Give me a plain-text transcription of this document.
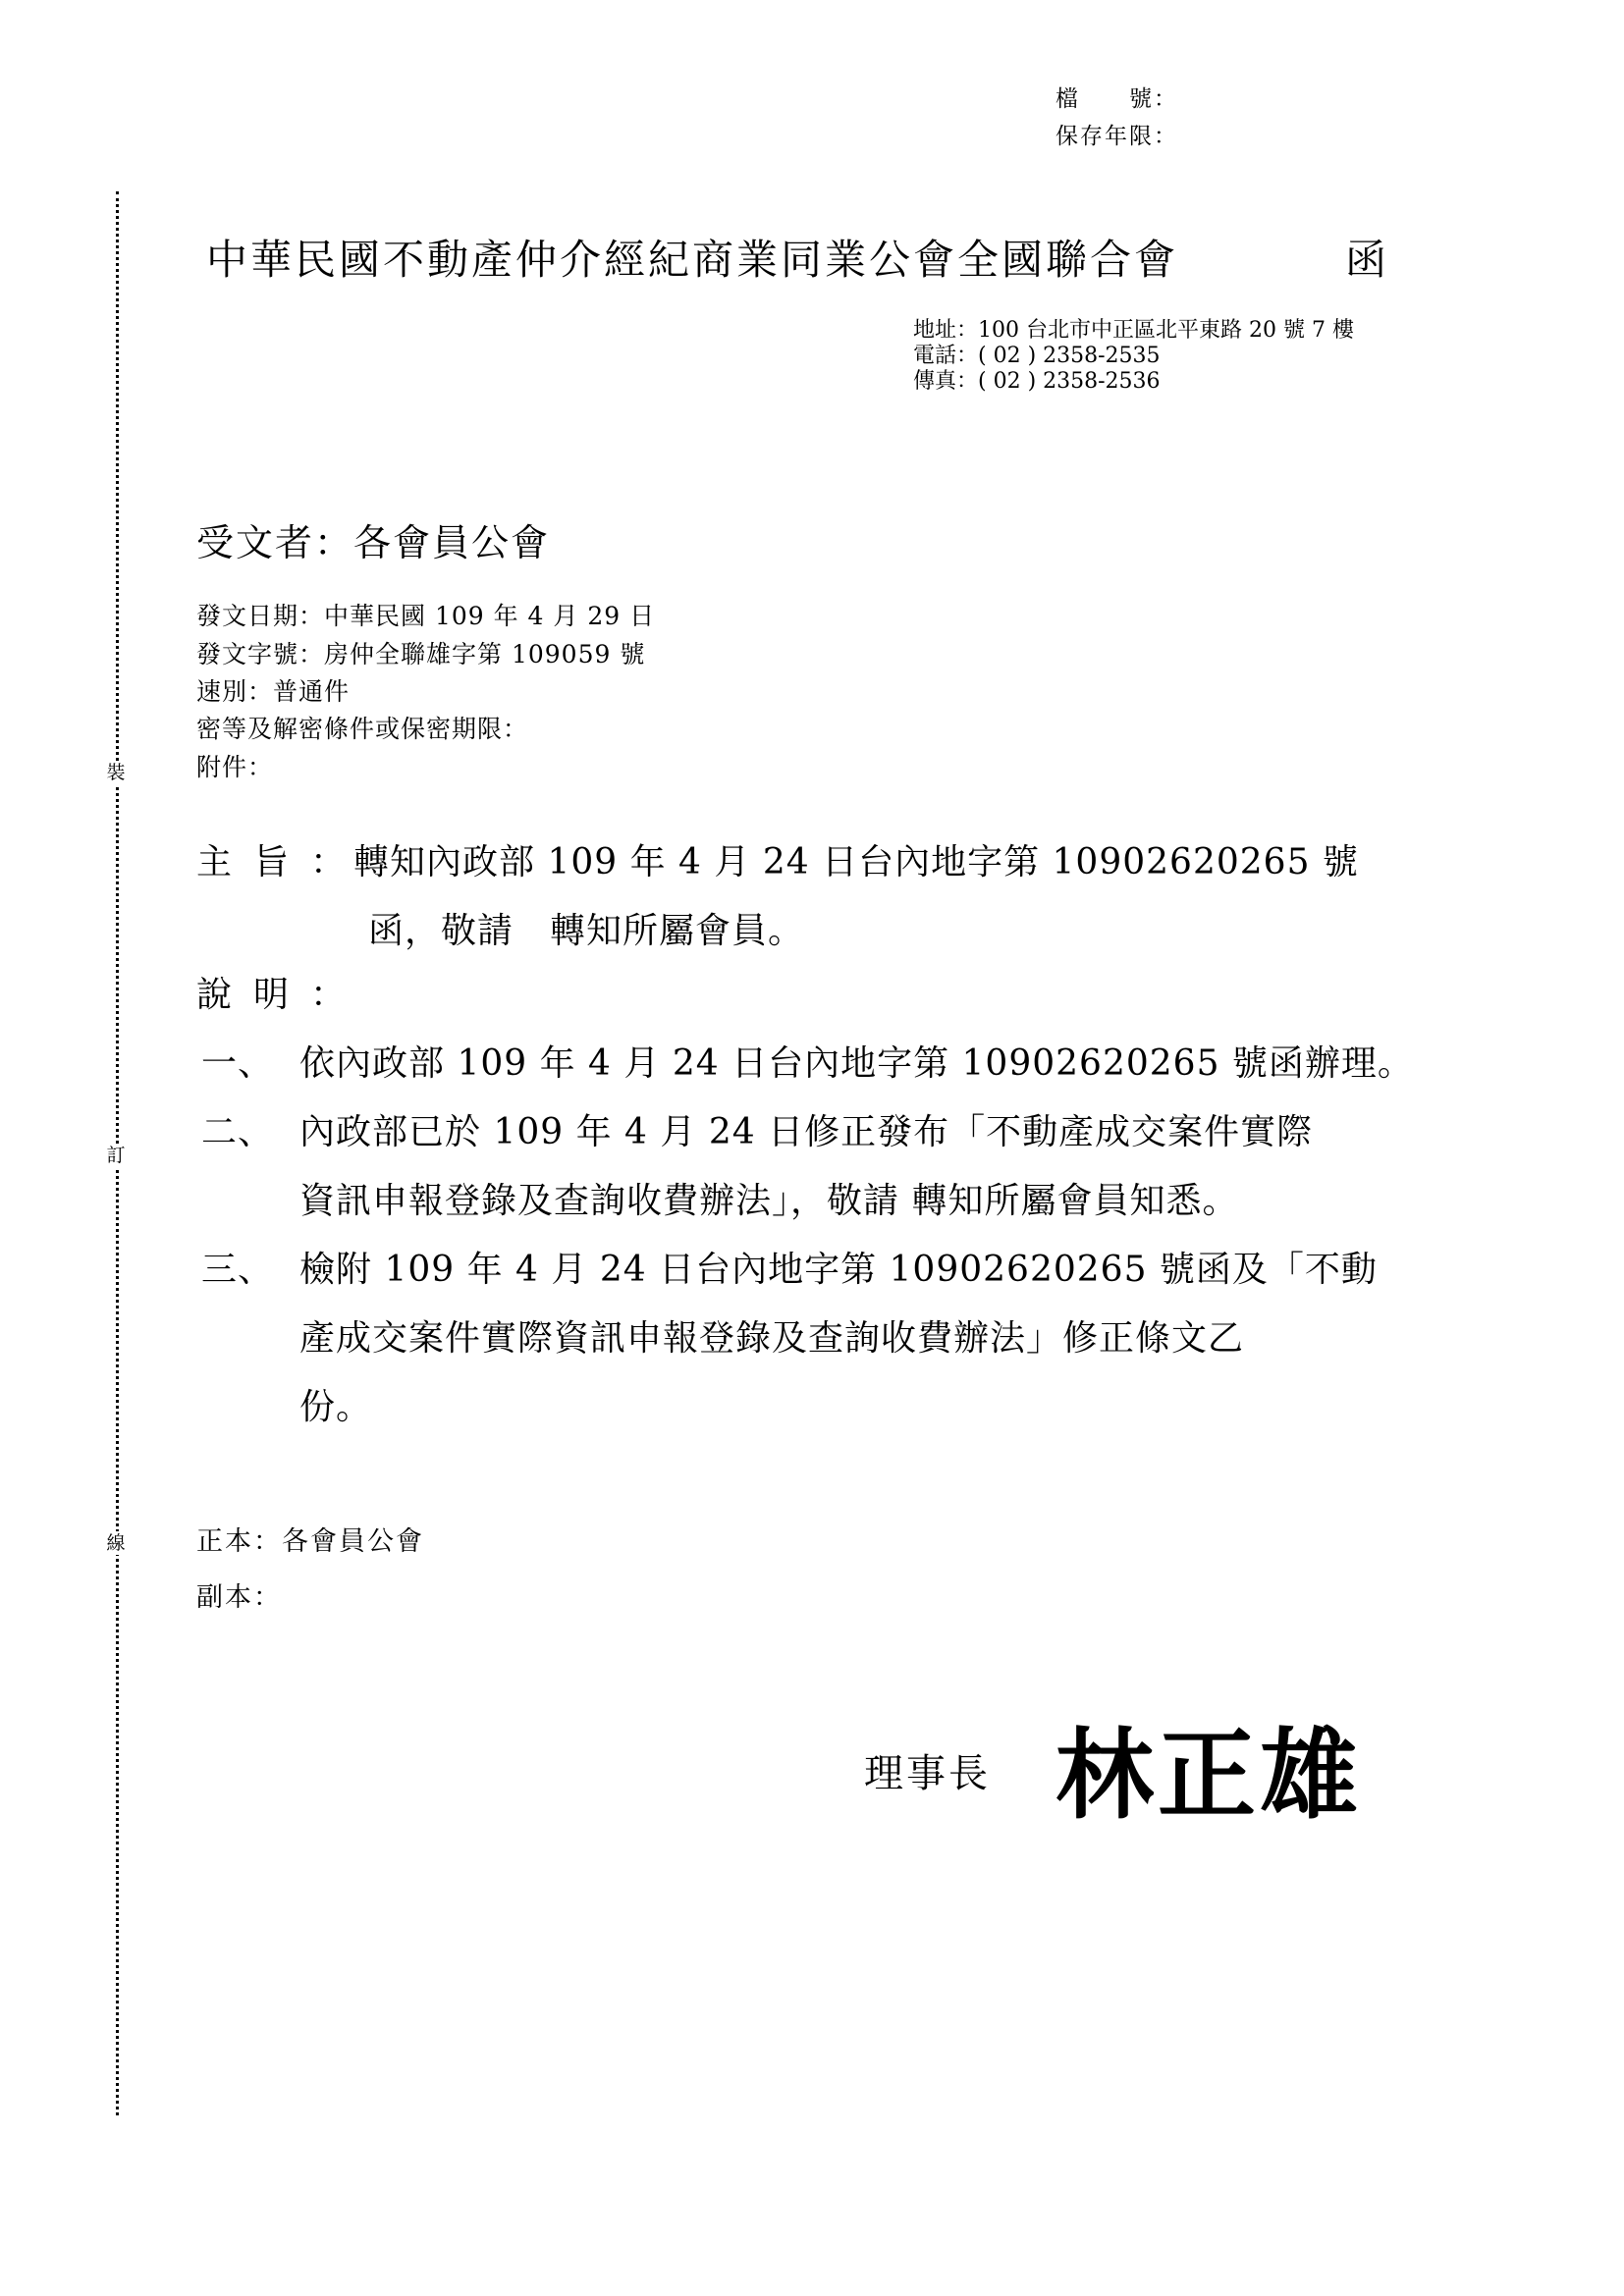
檔　　號：
保存年限：
裝
訂
線
中華民國不動產仲介經紀商業同業公會全國聯合會	函
地址：100 台北市中正區北平東路 20 號 7 樓
電話：( 02 ) 2358-2535
傳真：( 02 ) 2358-2536
受文者：各會員公會
發文日期：中華民國 109 年 4 月 29 日
發文字號：房仲全聯雄字第 109059 號
速別：普通件
密等及解密條件或保密期限：
附件：
主旨：
轉知內政部 109 年 4 月 24 日台內地字第 10902620265 號
函，敬請　轉知所屬會員。
說明：
一、 依內政部 109 年 4 月 24 日台內地字第 10902620265 號函辦理。
二、 內政部已於 109 年 4 月 24 日修正發布「不動產成交案件實際
資訊申報登錄及查詢收費辦法」，敬請 轉知所屬會員知悉。
三、 檢附 109 年 4 月 24 日台內地字第 10902620265 號函及「不動
產成交案件實際資訊申報登錄及查詢收費辦法」修正條文乙
份。
正本：各會員公會
副本：
理事長 林正雄
